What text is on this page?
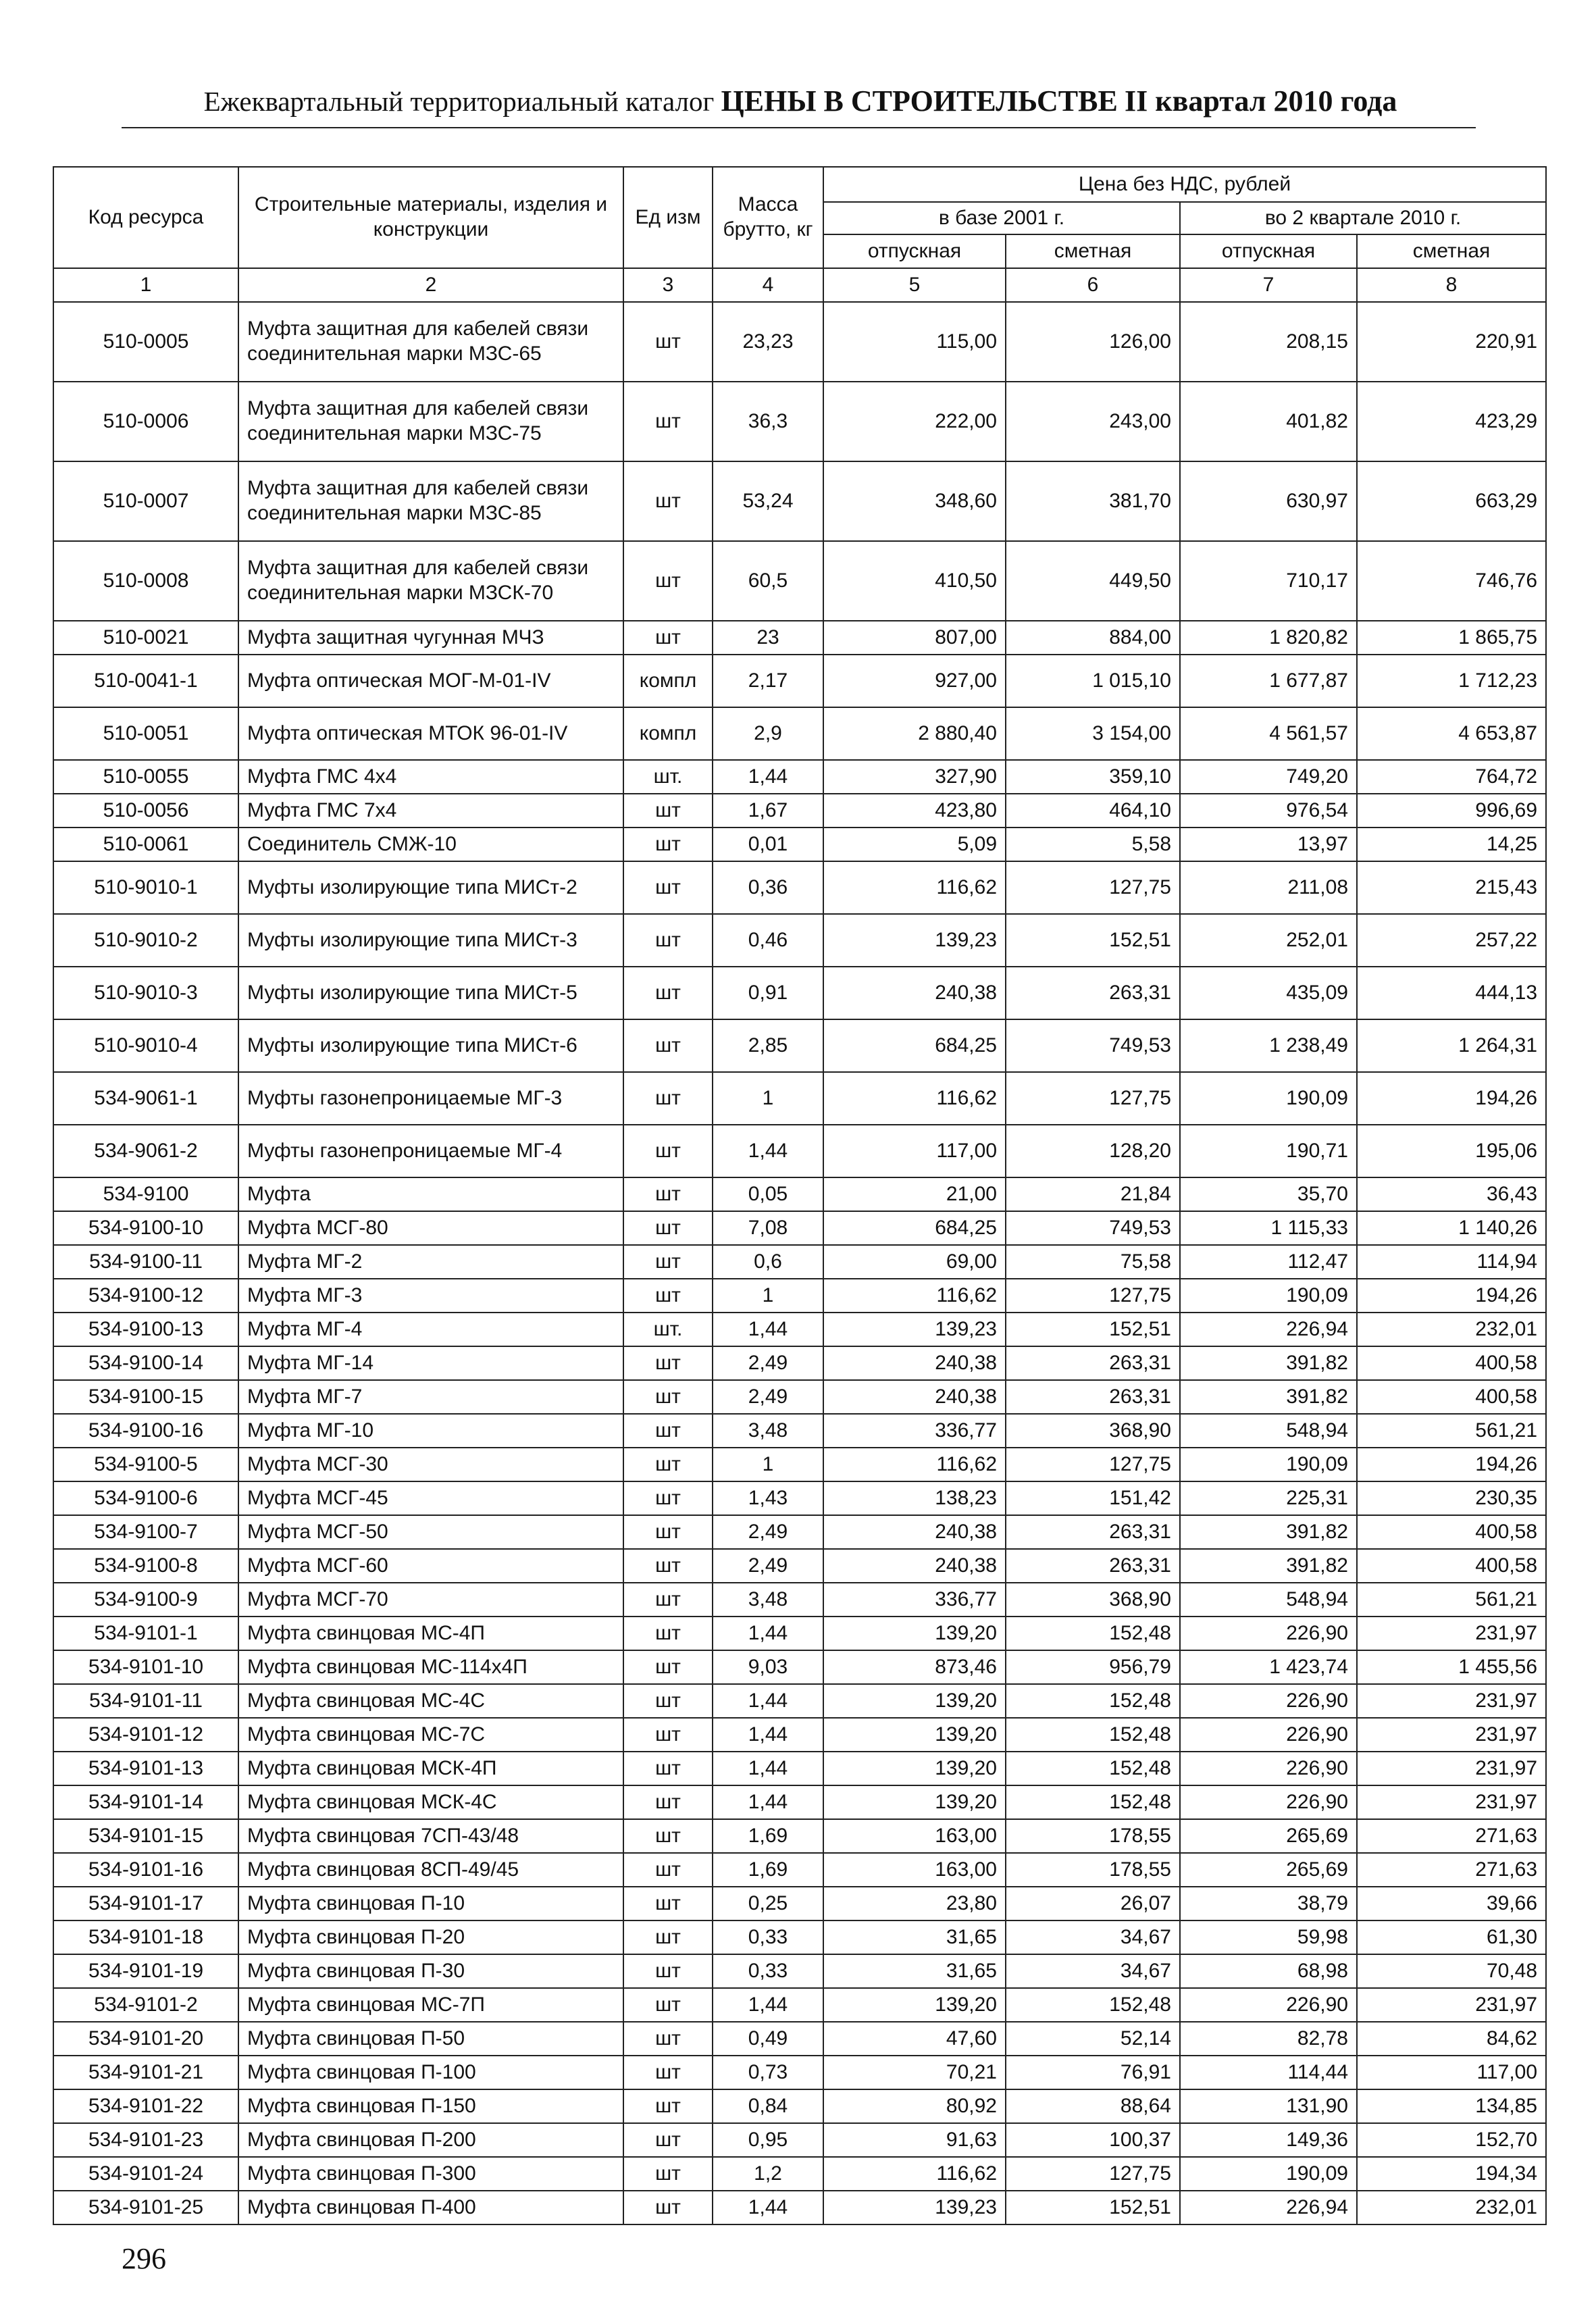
Ежеквартальный территориальный каталог ЦЕНЫ В СТРОИТЕЛЬСТВЕ II квартал 2010 года
Код ресурса	Строительные материалы, изделия и конструкции	Ед изм	Масса брутто, кг	Цена без НДС, рублей			
				в базе 2001 г.		во 2 квартале 2010 г.	
				отпускная	сметная	отпускная	сметная
1	2	3	4	5	6	7	8
510-0005	Муфта защитная для кабелей связи соединительная марки МЗС-65	шт	23,23	115,00	126,00	208,15	220,91
510-0006	Муфта защитная для кабелей связи соединительная марки МЗС-75	шт	36,3	222,00	243,00	401,82	423,29
510-0007	Муфта защитная для кабелей связи соединительная марки МЗС-85	шт	53,24	348,60	381,70	630,97	663,29
510-0008	Муфта защитная для кабелей связи соединительная марки МЗСК-70	шт	60,5	410,50	449,50	710,17	746,76
510-0021	Муфта защитная чугунная МЧЗ	шт	23	807,00	884,00	1 820,82	1 865,75
510-0041-1	Муфта оптическая МОГ-М-01-IV	компл	2,17	927,00	1 015,10	1 677,87	1 712,23
510-0051	Муфта оптическая МТОК 96-01-IV	компл	2,9	2 880,40	3 154,00	4 561,57	4 653,87
510-0055	Муфта ГМС 4x4	шт.	1,44	327,90	359,10	749,20	764,72
510-0056	Муфта ГМС 7x4	шт	1,67	423,80	464,10	976,54	996,69
510-0061	Соединитель СМЖ-10	шт	0,01	5,09	5,58	13,97	14,25
510-9010-1	Муфты изолирующие типа МИСт-2	шт	0,36	116,62	127,75	211,08	215,43
510-9010-2	Муфты изолирующие типа МИСт-3	шт	0,46	139,23	152,51	252,01	257,22
510-9010-3	Муфты изолирующие типа МИСт-5	шт	0,91	240,38	263,31	435,09	444,13
510-9010-4	Муфты изолирующие типа МИСт-6	шт	2,85	684,25	749,53	1 238,49	1 264,31
534-9061-1	Муфты газонепроницаемые МГ-3	шт	1	116,62	127,75	190,09	194,26
534-9061-2	Муфты газонепроницаемые МГ-4	шт	1,44	117,00	128,20	190,71	195,06
534-9100	Муфта	шт	0,05	21,00	21,84	35,70	36,43
534-9100-10	Муфта МСГ-80	шт	7,08	684,25	749,53	1 115,33	1 140,26
534-9100-11	Муфта МГ-2	шт	0,6	69,00	75,58	112,47	114,94
534-9100-12	Муфта МГ-3	шт	1	116,62	127,75	190,09	194,26
534-9100-13	Муфта МГ-4	шт.	1,44	139,23	152,51	226,94	232,01
534-9100-14	Муфта МГ-14	шт	2,49	240,38	263,31	391,82	400,58
534-9100-15	Муфта МГ-7	шт	2,49	240,38	263,31	391,82	400,58
534-9100-16	Муфта МГ-10	шт	3,48	336,77	368,90	548,94	561,21
534-9100-5	Муфта МСГ-30	шт	1	116,62	127,75	190,09	194,26
534-9100-6	Муфта МСГ-45	шт	1,43	138,23	151,42	225,31	230,35
534-9100-7	Муфта МСГ-50	шт	2,49	240,38	263,31	391,82	400,58
534-9100-8	Муфта МСГ-60	шт	2,49	240,38	263,31	391,82	400,58
534-9100-9	Муфта МСГ-70	шт	3,48	336,77	368,90	548,94	561,21
534-9101-1	Муфта свинцовая МС-4П	шт	1,44	139,20	152,48	226,90	231,97
534-9101-10	Муфта свинцовая МС-114x4П	шт	9,03	873,46	956,79	1 423,74	1 455,56
534-9101-11	Муфта свинцовая МС-4С	шт	1,44	139,20	152,48	226,90	231,97
534-9101-12	Муфта свинцовая МС-7С	шт	1,44	139,20	152,48	226,90	231,97
534-9101-13	Муфта свинцовая МСК-4П	шт	1,44	139,20	152,48	226,90	231,97
534-9101-14	Муфта свинцовая МСК-4С	шт	1,44	139,20	152,48	226,90	231,97
534-9101-15	Муфта свинцовая 7СП-43/48	шт	1,69	163,00	178,55	265,69	271,63
534-9101-16	Муфта свинцовая 8СП-49/45	шт	1,69	163,00	178,55	265,69	271,63
534-9101-17	Муфта свинцовая П-10	шт	0,25	23,80	26,07	38,79	39,66
534-9101-18	Муфта свинцовая П-20	шт	0,33	31,65	34,67	59,98	61,30
534-9101-19	Муфта свинцовая П-30	шт	0,33	31,65	34,67	68,98	70,48
534-9101-2	Муфта свинцовая МС-7П	шт	1,44	139,20	152,48	226,90	231,97
534-9101-20	Муфта свинцовая П-50	шт	0,49	47,60	52,14	82,78	84,62
534-9101-21	Муфта свинцовая П-100	шт	0,73	70,21	76,91	114,44	117,00
534-9101-22	Муфта свинцовая П-150	шт	0,84	80,92	88,64	131,90	134,85
534-9101-23	Муфта свинцовая П-200	шт	0,95	91,63	100,37	149,36	152,70
534-9101-24	Муфта свинцовая П-300	шт	1,2	116,62	127,75	190,09	194,34
534-9101-25	Муфта свинцовая П-400	шт	1,44	139,23	152,51	226,94	232,01
296
